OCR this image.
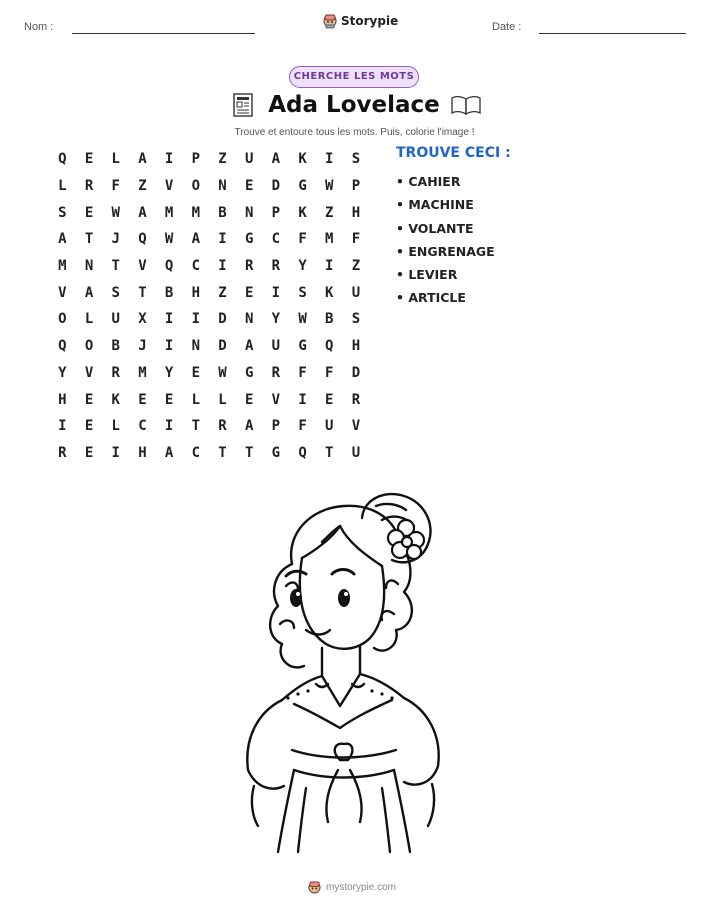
Nom :	Storypie	Date :
CHERCHE LES MOTS
Ada Lovelace
Trouve et entoure tous les mots. Puis, colorie l'image !
Q	E	L	A	I	P	Z	U	A	K	I	S
L	R	F	Z	V	O	N	E	D	G	W	P
S	E	W	A	M	M	B	N	P	K	Z	H
A	T	J	Q	W	A	I	G	C	F	M	F
M	N	T	V	Q	C	I	R	R	Y	I	Z
V	A	S	T	B	H	Z	E	I	S	K	U
O	L	U	X	I	I	D	N	Y	W	B	S
Q	O	B	J	I	N	D	A	U	G	Q	H
Y	V	R	M	Y	E	W	G	R	F	F	D
H	E	K	E	E	L	L	E	V	I	E	R
I	E	L	C	I	T	R	A	P	F	U	V
R	E	I	H	A	C	T	T	G	Q	T	U
TROUVE CECI :
• CAHIER
• MACHINE
• VOLANTE
• ENGRENAGE
• LEVIER
• ARTICLE
mystorypie.com
